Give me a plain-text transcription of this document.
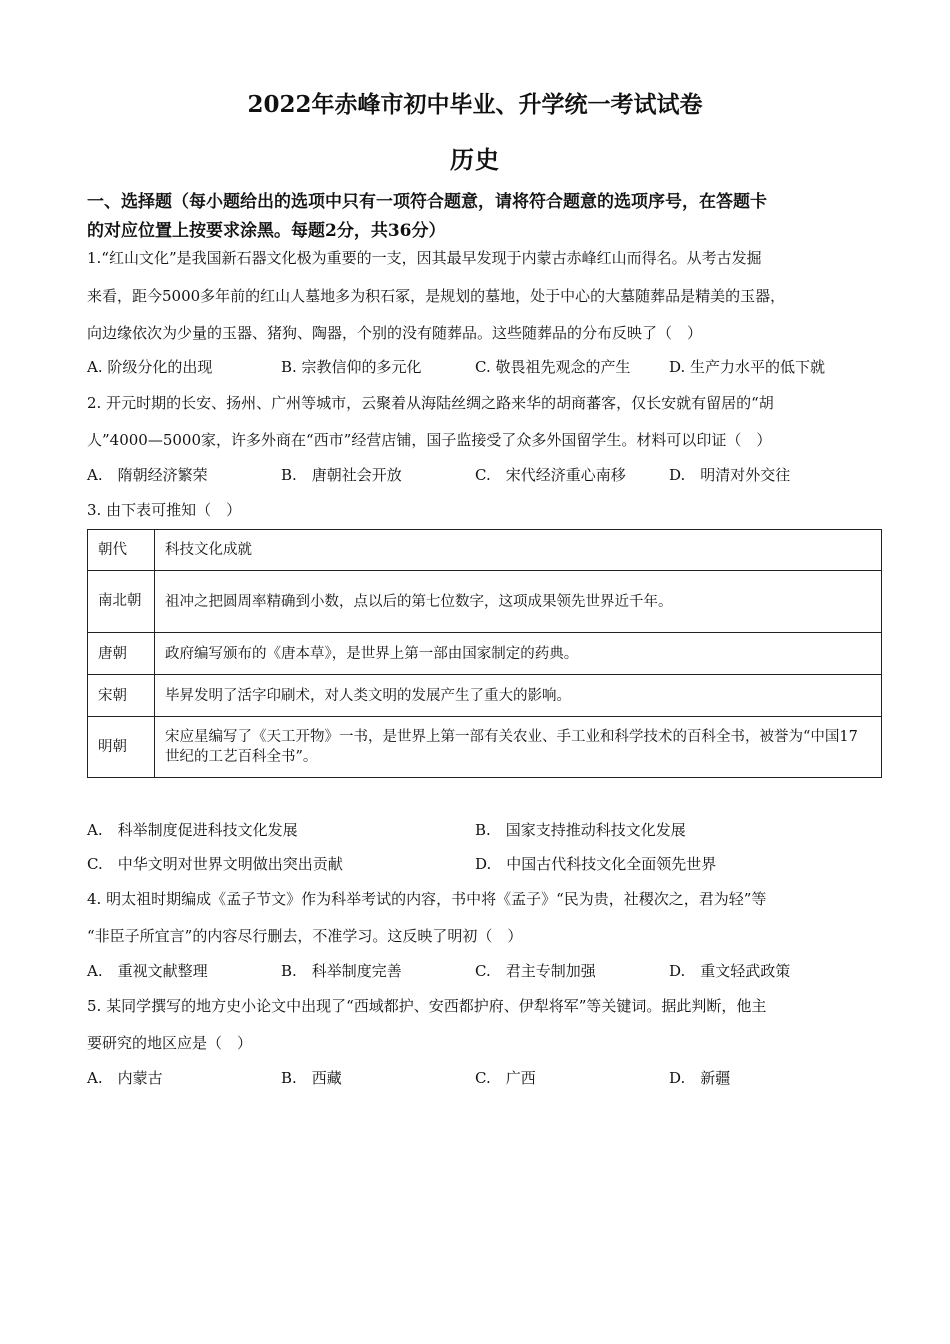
2022年赤峰市初中毕业、升学统一考试试卷
历史
一、选择题（每小题给出的选项中只有一项符合题意，请将符合题意的选项序号，在答题卡
的对应位置上按要求涂黑。每题2分，共36分）
1.“红山文化”是我国新石器文化极为重要的一支，因其最早发现于内蒙古赤峰红山而得名。从考古发掘
来看，距今5000多年前的红山人墓地多为积石冢，是规划的墓地，处于中心的大墓随葬品是精美的玉器，
向边缘依次为少量的玉器、猪狗、陶器，个别的没有随葬品。这些随葬品的分布反映了（　）
A. 阶级分化的出现	B. 宗教信仰的多元化	C. 敬畏祖先观念的产生	D. 生产力水平的低下就
2. 开元时期的长安、扬州、广州等城市，云聚着从海陆丝绸之路来华的胡商蕃客，仅长安就有留居的“胡
人”4000—5000家，许多外商在“西市”经营店铺，国子监接受了众多外国留学生。材料可以印证（　）
A.　隋朝经济繁荣	B.　唐朝社会开放	C.　宋代经济重心南移	D.　明清对外交往
3. 由下表可推知（　）
朝代	科技文化成就
南北朝	祖冲之把圆周率精确到小数，点以后的第七位数字，这项成果领先世界近千年。
唐朝	政府编写颁布的《唐本草》，是世界上第一部由国家制定的药典。
宋朝	毕昇发明了活字印刷术，对人类文明的发展产生了重大的影响。
明朝	宋应星编写了《天工开物》一书，是世界上第一部有关农业、手工业和科学技术的百科全书，被誉为“中国17世纪的工艺百科全书”。
A.　科举制度促进科技文化发展	B.　国家支持推动科技文化发展
C.　中华文明对世界文明做出突出贡献	D.　中国古代科技文化全面领先世界
4. 明太祖时期编成《孟子节文》作为科举考试的内容，书中将《孟子》“民为贵，社稷次之，君为轻”等
“非臣子所宜言”的内容尽行删去，不准学习。这反映了明初（　）
A.　重视文献整理	B.　科举制度完善	C.　君主专制加强	D.　重文轻武政策
5. 某同学撰写的地方史小论文中出现了“西域都护、安西都护府、伊犁将军”等关键词。据此判断，他主
要研究的地区应是（　）
A.　内蒙古	B.　西藏	C.　广西	D.　新疆
